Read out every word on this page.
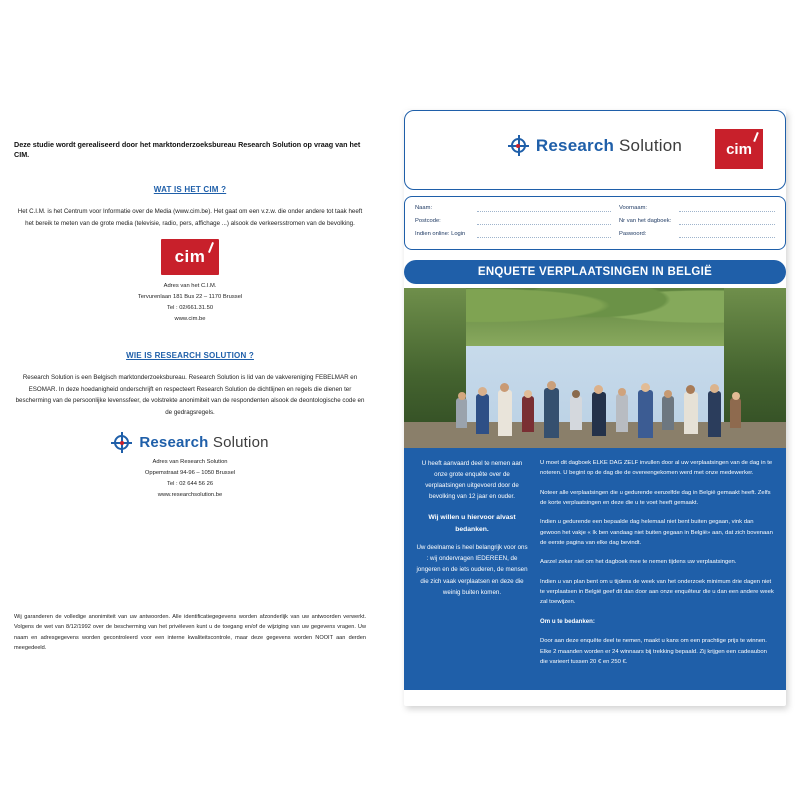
Deze studie wordt gerealiseerd door het marktonderzoeksbureau Research Solution op vraag van het CIM.
WAT IS HET CIM ?
Het C.I.M. is het Centrum voor Informatie over de Media (www.cim.be). Het gaat om een v.z.w. die onder andere tot taak heeft het bereik te meten van de grote media (televisie, radio, pers, affichage ...) alsook de verkeersstromen van de bevolking.
cim
Adres van het C.I.M.
Tervurenlaan 181 Bus 22 – 1170 Brussel
Tel : 02/661.31.50
www.cim.be
WIE IS RESEARCH SOLUTION ?
Research Solution is een Belgisch marktonderzoeksbureau. Research Solution is lid van de vakvereniging FEBELMAR en ESOMAR. In deze hoedanigheid onderschrijft en respecteert Research Solution de dichtlijnen en regels die dienen ter bescherming van de persoonlijke levenssfeer, de volstrekte anonimiteit van de respondenten alsook de deontologische code en de gedragsregels.
Research Solution
Adres van Research Solution
Oppemstraat 94-96 – 1050 Brussel
Tel : 02 644 56 26
www.researchsolution.be
Wij garanderen de volledige anonimiteit van uw antwoorden. Alle identificatiegegevens worden afzonderlijk van uw antwoorden verwerkt. Volgens de wet van 8/12/1992 over de bescherming van het privéleven kunt u de toegang en/of de wijziging van uw gegevens vragen. Uw naam en adresgegevens worden gecontroleerd voor een interne kwaliteitscontrole, maar deze gegevens worden NOOIT aan derden meegedeeld.
Research Solution	cim
Naam:	Voornaam:
Postcode:	Nr van het dagboek:
Indien online: Login	Paswoord:
ENQUETE VERPLAATSINGEN IN BELGIË
U heeft aanvaard deel te nemen aan onze grote enquête over de verplaatsingen uitgevoerd door de bevolking van 12 jaar en ouder.
Wij willen u hiervoor alvast bedanken.
Uw deelname is heel belangrijk voor ons : wij ondervragen IEDEREEN, de jongeren en de iets ouderen, de mensen die zich vaak verplaatsen en deze die weinig buiten komen.

U moet dit dagboek ELKE DAG ZELF invullen door al uw verplaatsingen van de dag in te noteren. U begint op de dag die de overeengekomen werd met onze medewerker.

Noteer alle verplaatsingen die u gedurende eenzelfde dag in België gemaakt heeft. Zelfs de korte verplaatsingen en deze die u te voet heeft gemaakt.

Indien u gedurende een bepaalde dag helemaal niet bent buiten gegaan, vink dan gewoon het vakje « Ik ben vandaag niet buiten gegaan in België» aan, dat zich bovenaan de eerste pagina van elke dag bevindt.

Aarzel zeker niet om het dagboek mee te nemen tijdens uw verplaatsingen.

Indien u van plan bent om u tijdens de week van het onderzoek minimum drie dagen niet te verplaatsen in België geef dit dan door aan onze enquêteur die u dan een andere week zal toewijzen.

Om u te bedanken:

Door aan deze enquête deel te nemen, maakt u kans om een prachtige prijs te winnen. Elke 2 maanden worden er 24 winnaars bij trekking bepaald. Zij krijgen een cadeaubon die varieert tussen 20 € en 250 €.
